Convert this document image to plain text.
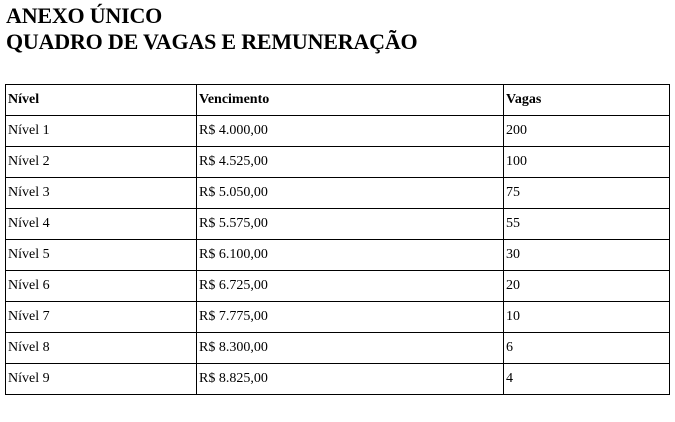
ANEXO ÚNICO
QUADRO DE VAGAS E REMUNERAÇÃO
Nível	Vencimento	Vagas
Nível 1	R$ 4.000,00	200
Nível 2	R$ 4.525,00	100
Nível 3	R$ 5.050,00	75
Nível 4	R$ 5.575,00	55
Nível 5	R$ 6.100,00	30
Nível 6	R$ 6.725,00	20
Nível 7	R$ 7.775,00	10
Nível 8	R$ 8.300,00	6
Nível 9	R$ 8.825,00	4
